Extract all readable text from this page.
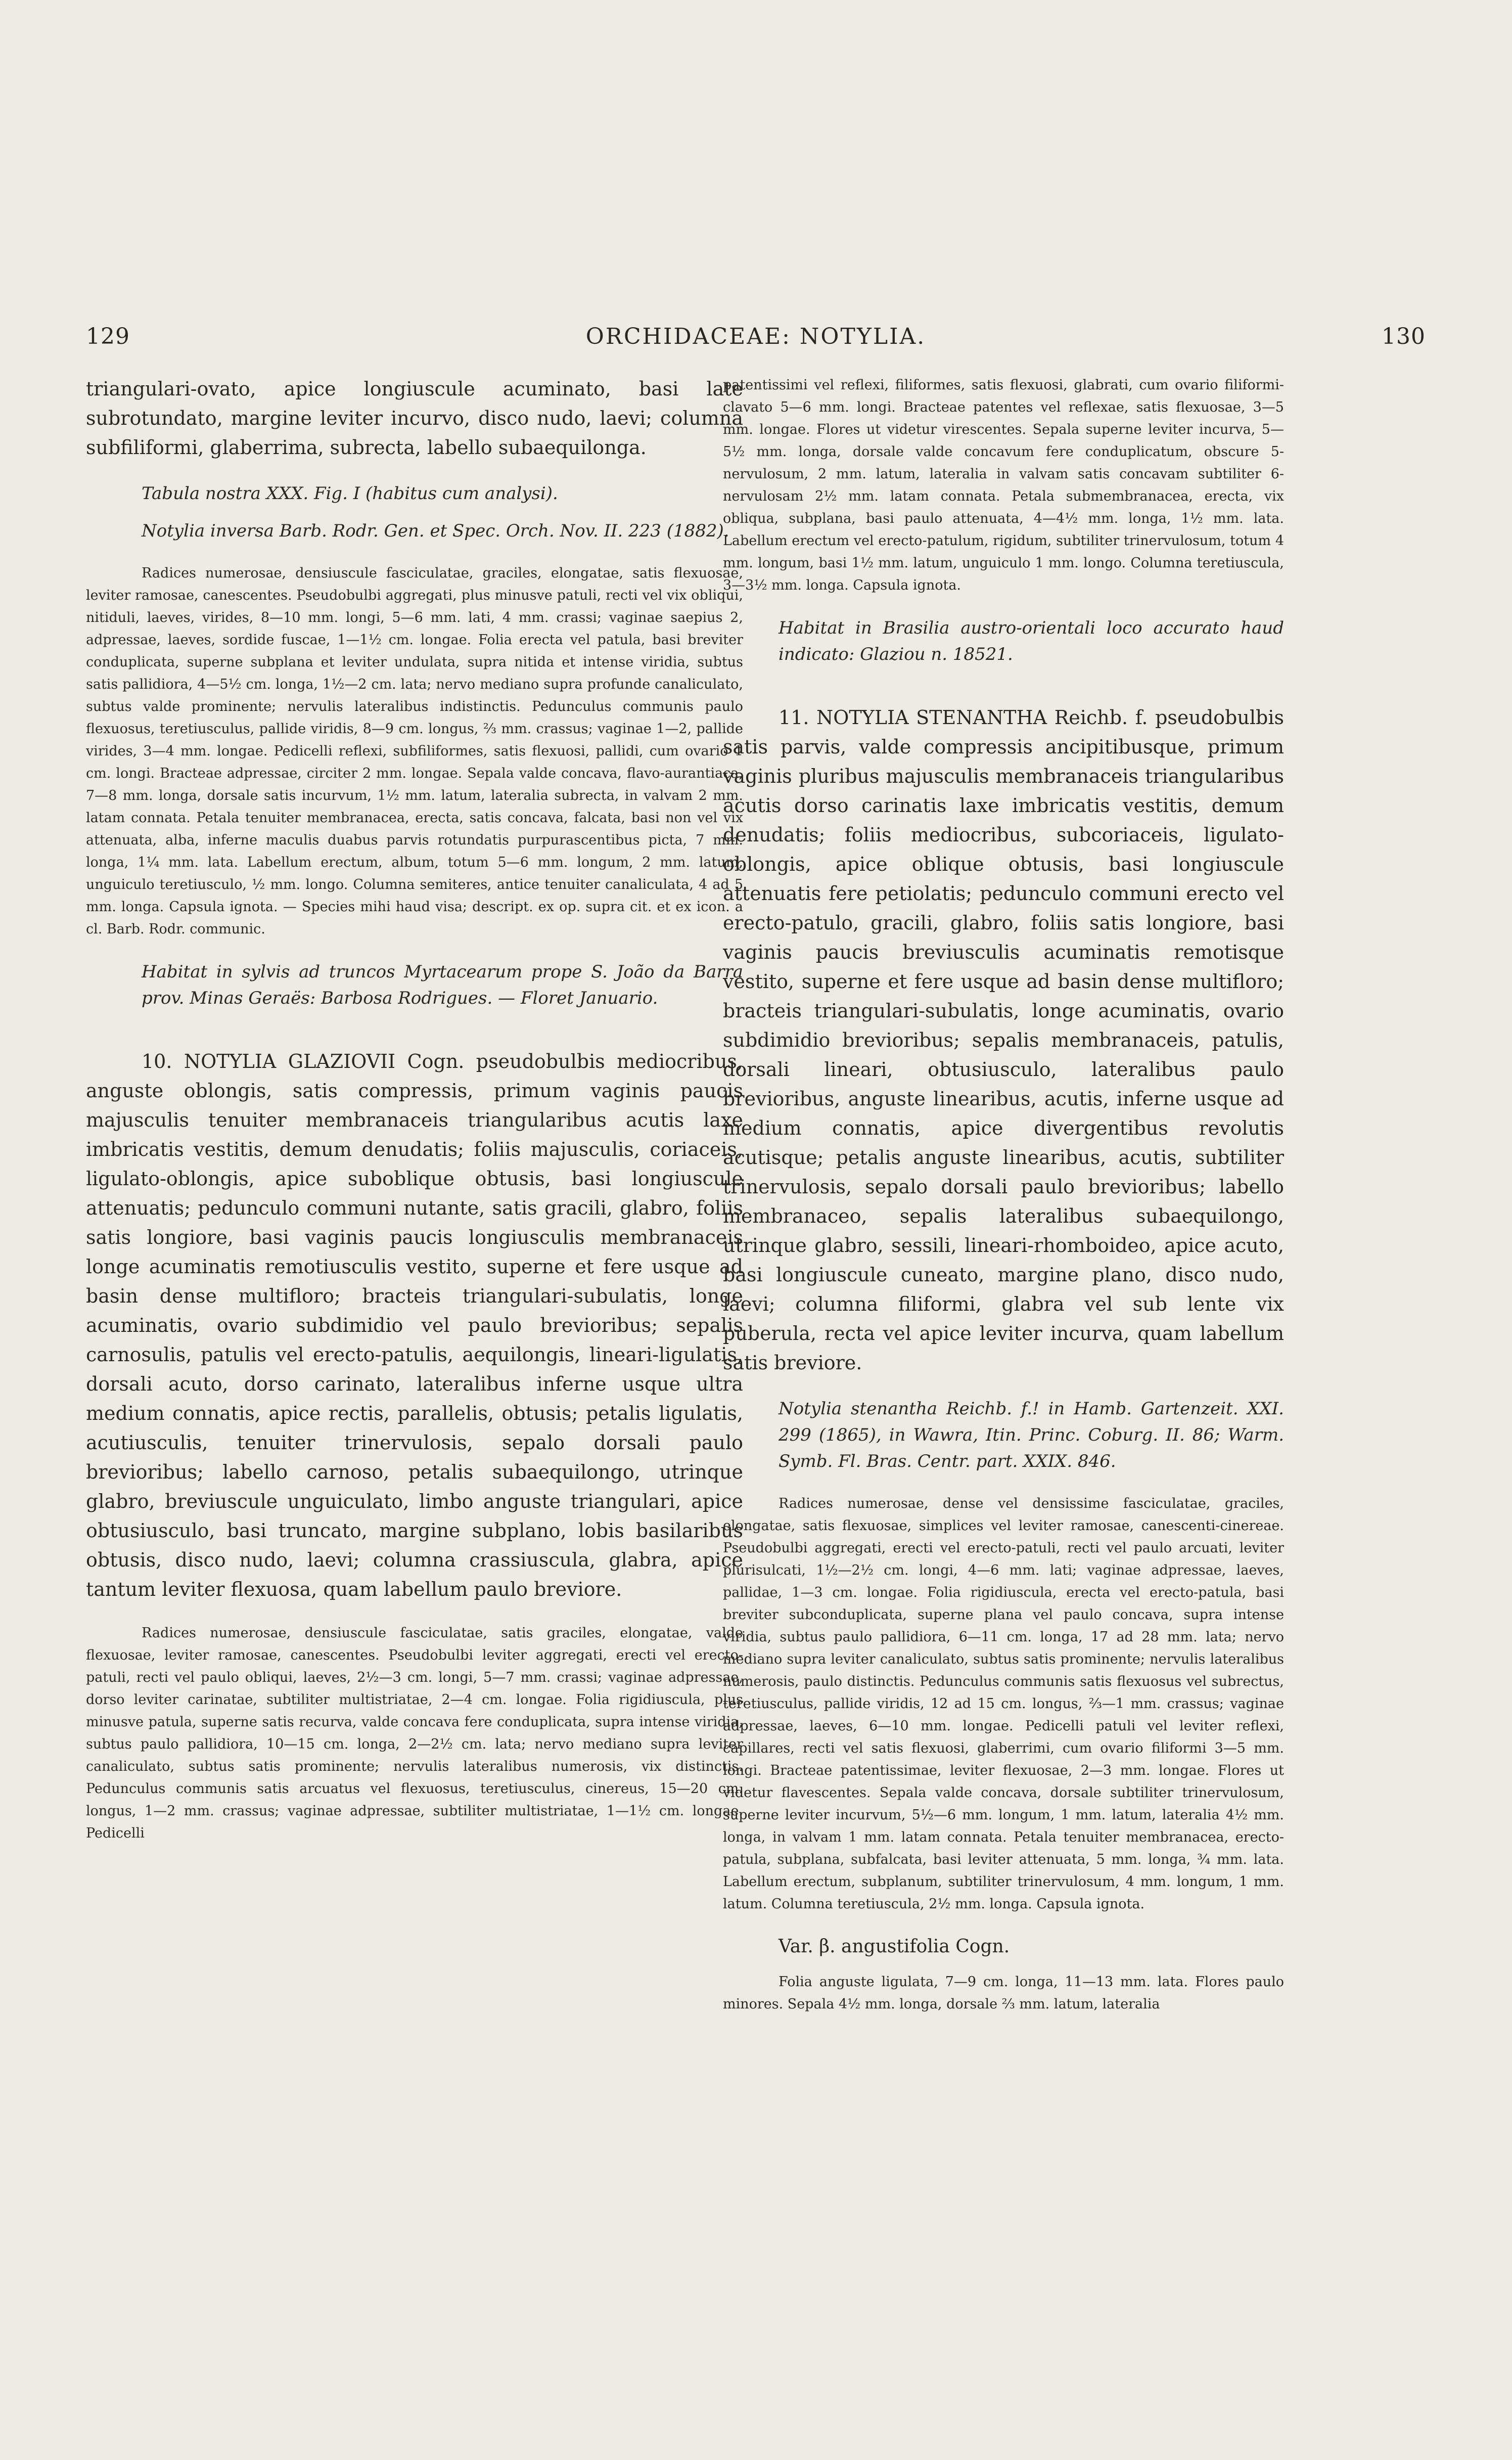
129	ORCHIDACEAE: NOTYLIA.	130

triangulari-ovato, apice longiuscule acuminato, basi late subrotundato, margine leviter incurvo, disco nudo, laevi; columna subfiliformi, glaberrima, subrecta, labello subaequilonga.

Tabula nostra XXX. Fig. I (habitus cum analysi).

Notylia inversa Barb. Rodr. Gen. et Spec. Orch. Nov. II. 223 (1882).

Radices numerosae, densiuscule fasciculatae, graciles, elongatae, satis flexuosae, leviter ramosae, canescentes. Pseudobulbi aggregati, plus minusve patuli, recti vel vix obliqui, nitiduli, laeves, virides, 8—10 mm. longi, 5—6 mm. lati, 4 mm. crassi; vaginae saepius 2, adpressae, laeves, sordide fuscae, 1—1½ cm. longae. Folia erecta vel patula, basi breviter conduplicata, superne subplana et leviter undulata, supra nitida et intense viridia, subtus satis pallidiora, 4—5½ cm. longa, 1½—2 cm. lata; nervo mediano supra profunde canaliculato, subtus valde prominente; nervulis lateralibus indistinctis. Pedunculus communis paulo flexuosus, teretiusculus, pallide viridis, 8—9 cm. longus, ⅔ mm. crassus; vaginae 1—2, pallide virides, 3—4 mm. longae. Pedicelli reflexi, subfiliformes, satis flexuosi, pallidi, cum ovario 1 cm. longi. Bracteae adpressae, circiter 2 mm. longae. Sepala valde concava, flavo-aurantiaca, 7—8 mm. longa, dorsale satis incurvum, 1½ mm. latum, lateralia subrecta, in valvam 2 mm. latam connata. Petala tenuiter membranacea, erecta, satis concava, falcata, basi non vel vix attenuata, alba, inferne maculis duabus parvis rotundatis purpurascentibus picta, 7 mm. longa, 1¼ mm. lata. Labellum erectum, album, totum 5—6 mm. longum, 2 mm. latum, unguiculo teretiusculo, ½ mm. longo. Columna semiteres, antice tenuiter canaliculata, 4 ad 5 mm. longa. Capsula ignota. — Species mihi haud visa; descript. ex op. supra cit. et ex icon. a cl. Barb. Rodr. communic.

Habitat in sylvis ad truncos Myrtacearum prope S. João da Barra prov. Minas Geraës: Barbosa Rodrigues. — Floret Januario.

10. NOTYLIA GLAZIOVII Cogn. pseudobulbis mediocribus, anguste oblongis, satis compressis, primum vaginis paucis majusculis tenuiter membranaceis triangularibus acutis laxe imbricatis vestitis, demum denudatis; foliis majusculis, coriaceis, ligulato-oblongis, apice subobliquе obtusis, basi longiuscule attenuatis; pedunculo communi nutante, satis gracili, glabro, foliis satis longiore, basi vaginis paucis longiusculis membranaceis longe acuminatis remotiusculis vestito, superne et fere usque ad basin dense multifloro; bracteis triangulari-subulatis, longe acuminatis, ovario subdimidio vel paulo brevioribus; sepalis carnosulis, patulis vel erecto-patulis, aequilongis, lineari-ligulatis, dorsali acuto, dorso carinato, lateralibus inferne usque ultra medium connatis, apice rectis, parallelis, obtusis; petalis ligulatis, acutiusculis, tenuiter trinervulosis, sepalo dorsali paulo brevioribus; labello carnoso, petalis subaequilongo, utrinque glabro, breviuscule unguiculato, limbo anguste triangulari, apice obtusiusculo, basi truncato, margine subplano, lobis basilaribus obtusis, disco nudo, laevi; columna crassiuscula, glabra, apice tantum leviter flexuosa, quam labellum paulo breviore.

Radices numerosae, densiuscule fasciculatae, satis graciles, elongatae, valde flexuosae, leviter ramosae, canescentes. Pseudobulbi leviter aggregati, erecti vel erecto-patuli, recti vel paulo obliqui, laeves, 2½—3 cm. longi, 5—7 mm. crassi; vaginae adpressae, dorso leviter carinatae, subtiliter multistriatae, 2—4 cm. longae. Folia rigidiuscula, plus minusve patula, superne satis recurva, valde concava fere conduplicata, supra intense viridia, subtus paulo pallidiora, 10—15 cm. longa, 2—2½ cm. lata; nervo mediano supra leviter canaliculato, subtus satis prominente; nervulis lateralibus numerosis, vix distinctis. Pedunculus communis satis arcuatus vel flexuosus, teretiusculus, cinereus, 15—20 cm. longus, 1—2 mm. crassus; vaginae adpressae, subtiliter multistriatae, 1—1½ cm. longae. Pedicelli

patentissimi vel reflexi, filiformes, satis flexuosi, glabrati, cum ovario filiformi-clavato 5—6 mm. longi. Bracteae patentes vel reflexae, satis flexuosae, 3—5 mm. longae. Flores ut videtur virescentes. Sepala superne leviter incurva, 5—5½ mm. longa, dorsale valde concavum fere conduplicatum, obscure 5-nervulosum, 2 mm. latum, lateralia in valvam satis concavam subtiliter 6-nervulosam 2½ mm. latam connata. Petala submembranacea, erecta, vix obliqua, subplana, basi paulo attenuata, 4—4½ mm. longa, 1½ mm. lata. Labellum erectum vel erecto-patulum, rigidum, subtiliter trinervulosum, totum 4 mm. longum, basi 1½ mm. latum, unguiculo 1 mm. longo. Columna teretiuscula, 3—3½ mm. longa. Capsula ignota.

Habitat in Brasilia austro-orientali loco accurato haud indicato: Glaziou n. 18521.

11. NOTYLIA STENANTHA Reichb. f. pseudobulbis satis parvis, valde compressis ancipitibusque, primum vaginis pluribus majusculis membranaceis triangularibus acutis dorso carinatis laxe imbricatis vestitis, demum denudatis; foliis mediocribus, subcoriaceis, ligulato-oblongis, apice oblique obtusis, basi longiuscule attenuatis fere petiolatis; pedunculo communi erecto vel erecto-patulo, gracili, glabro, foliis satis longiore, basi vaginis paucis breviusculis acuminatis remotisque vestito, superne et fere usque ad basin dense multifloro; bracteis triangulari-subulatis, longe acuminatis, ovario subdimidio brevioribus; sepalis membranaceis, patulis, dorsali lineari, obtusiusculo, lateralibus paulo brevioribus, anguste linearibus, acutis, inferne usque ad medium connatis, apice divergentibus revolutis acutisque; petalis anguste linearibus, acutis, subtiliter trinervulosis, sepalo dorsali paulo brevioribus; labello membranaceo, sepalis lateralibus subaequilongo, utrinque glabro, sessili, lineari-rhomboideo, apice acuto, basi longiuscule cuneato, margine plano, disco nudo, laevi; columna filiformi, glabra vel sub lente vix puberula, recta vel apice leviter incurva, quam labellum satis breviore.

Notylia stenantha Reichb. f.! in Hamb. Gartenzeit. XXI. 299 (1865), in Wawra, Itin. Princ. Coburg. II. 86; Warm. Symb. Fl. Bras. Centr. part. XXIX. 846.

Radices numerosae, dense vel densissime fasciculatae, graciles, elongatae, satis flexuosae, simplices vel leviter ramosae, canescenti-cinereae. Pseudobulbi aggregati, erecti vel erecto-patuli, recti vel paulo arcuati, leviter plurisulcati, 1½—2½ cm. longi, 4—6 mm. lati; vaginae adpressae, laeves, pallidae, 1—3 cm. longae. Folia rigidiuscula, erecta vel erecto-patula, basi breviter subconduplicata, superne plana vel paulo concava, supra intense viridia, subtus paulo pallidiora, 6—11 cm. longa, 17 ad 28 mm. lata; nervo mediano supra leviter canaliculato, subtus satis prominente; nervulis lateralibus numerosis, paulo distinctis. Pedunculus communis satis flexuosus vel subrectus, teretiusculus, pallide viridis, 12 ad 15 cm. longus, ⅔—1 mm. crassus; vaginae adpressae, laeves, 6—10 mm. longae. Pedicelli patuli vel leviter reflexi, capillares, recti vel satis flexuosi, glaberrimi, cum ovario filiformi 3—5 mm. longi. Bracteae patentissimae, leviter flexuosae, 2—3 mm. longae. Flores ut videtur flavescentes. Sepala valde concava, dorsale subtiliter trinervulosum, superne leviter incurvum, 5½—6 mm. longum, 1 mm. latum, lateralia 4½ mm. longa, in valvam 1 mm. latam connata. Petala tenuiter membranacea, erecto-patula, subplana, subfalcata, basi leviter attenuata, 5 mm. longa, ¾ mm. lata. Labellum erectum, subplanum, subtiliter trinervulosum, 4 mm. longum, 1 mm. latum. Columna teretiuscula, 2½ mm. longa. Capsula ignota.

Var. β. angustifolia Cogn.

Folia anguste ligulata, 7—9 cm. longa, 11—13 mm. lata. Flores paulo minores. Sepala 4½ mm. longa, dorsale ⅔ mm. latum, lateralia
